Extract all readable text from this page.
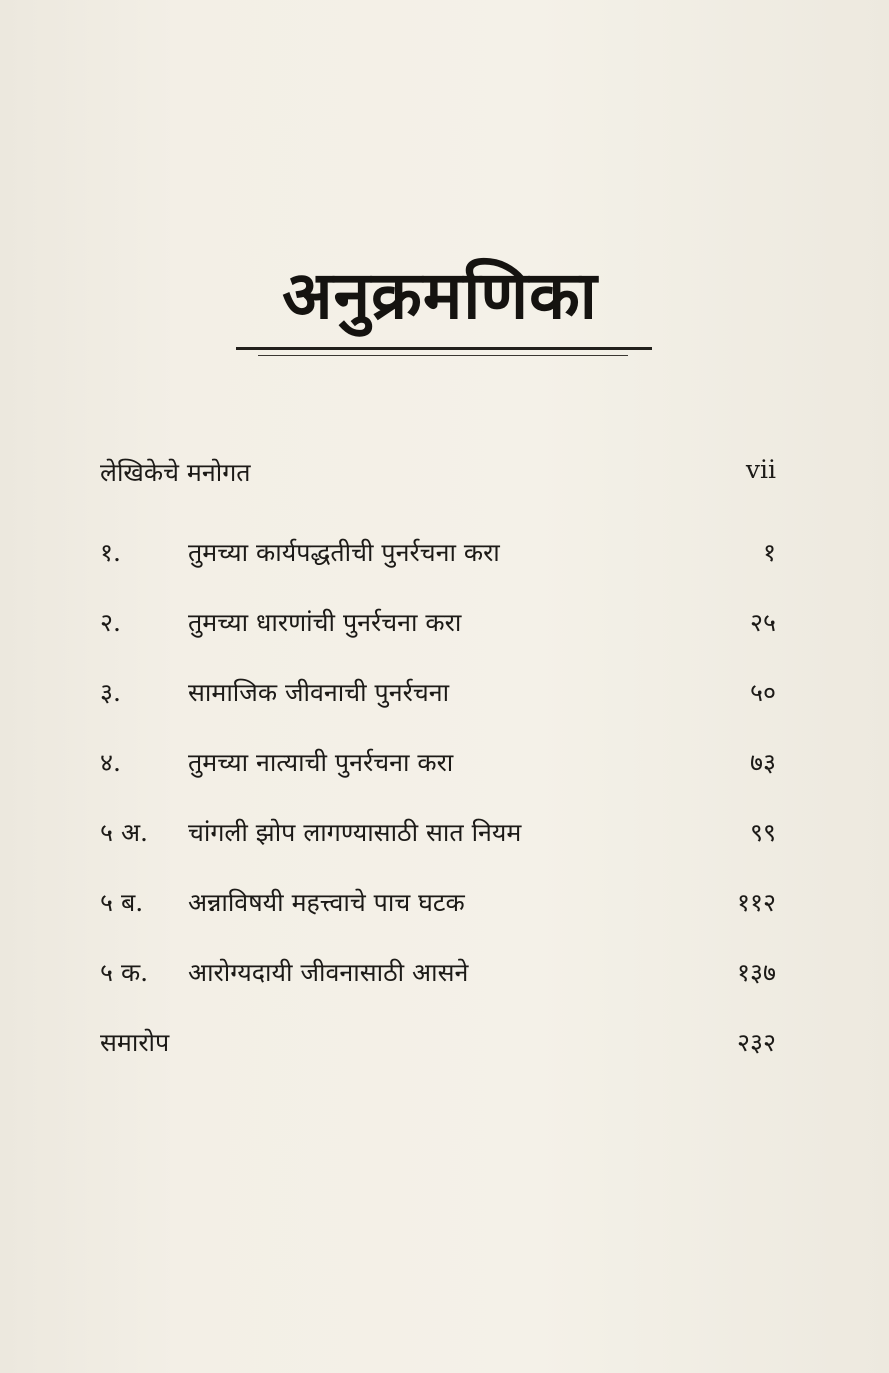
अनुक्रमणिका
लेखिकेचे मनोगत	vii
१.	तुमच्या कार्यपद्धतीची पुनर्रचना करा	१
२.	तुमच्या धारणांची पुनर्रचना करा	२५
३.	सामाजिक जीवनाची पुनर्रचना	५०
४.	तुमच्या नात्याची पुनर्रचना करा	७३
५ अ.	चांगली झोप लागण्यासाठी सात नियम	९९
५ ब.	अन्नाविषयी महत्त्वाचे पाच घटक	११२
५ क.	आरोग्यदायी जीवनासाठी आसने	१३७
समारोप	२३२
